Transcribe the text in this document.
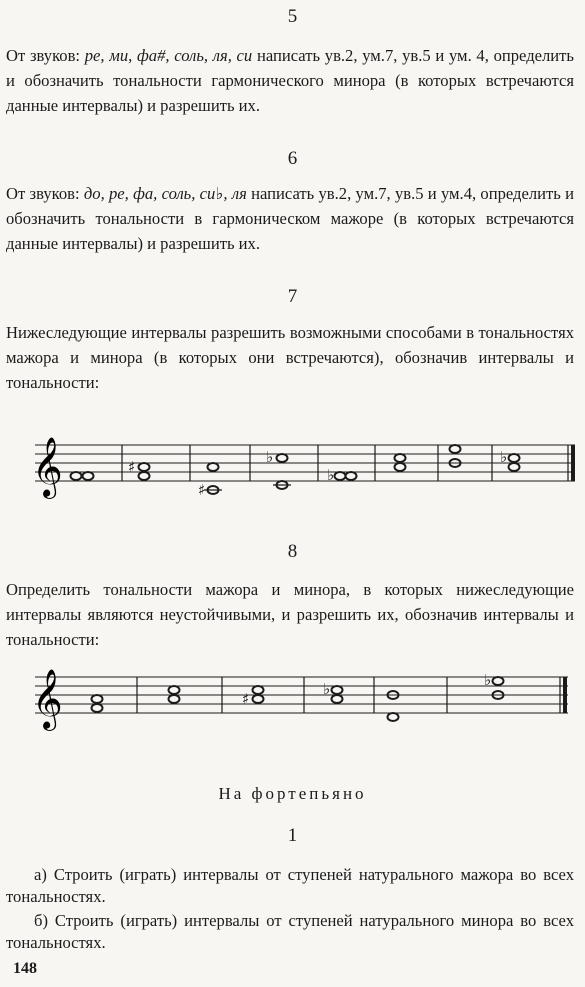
5

От звуков: ре, ми, фа#, соль, ля, си написать ув.2, ум.7, ув.5 и ум. 4, определить и обозначить тональности гармонического минора (в которых встречаются данные интервалы) и разрешить их.

6

От звуков: до, ре, фа, соль, си♭, ля написать ув.2, ум.7, ув.5 и ум.4, определить и обозначить тональности в гармоническом мажоре (в которых встречаются данные интервалы) и разрешить их.

7

Нижеследующие интервалы разрешить возможными способами в тональностях мажора и минора (в которых они встречаются), обозначив интервалы и тональности:

𝄞	♯
♯
♭
♭
♭
8

Определить тональности мажора и минора, в которых нижеследующие интервалы являются неустойчивыми, и разрешить их, обозначив интервалы и тональности:

𝄞	♯
♭	♭
На фортепьяно
1

а) Строить (играть) интервалы от ступеней натурального мажора во всех тональностях.

б) Строить (играть) интервалы от ступеней натурального минора во всех тональностях.

148
